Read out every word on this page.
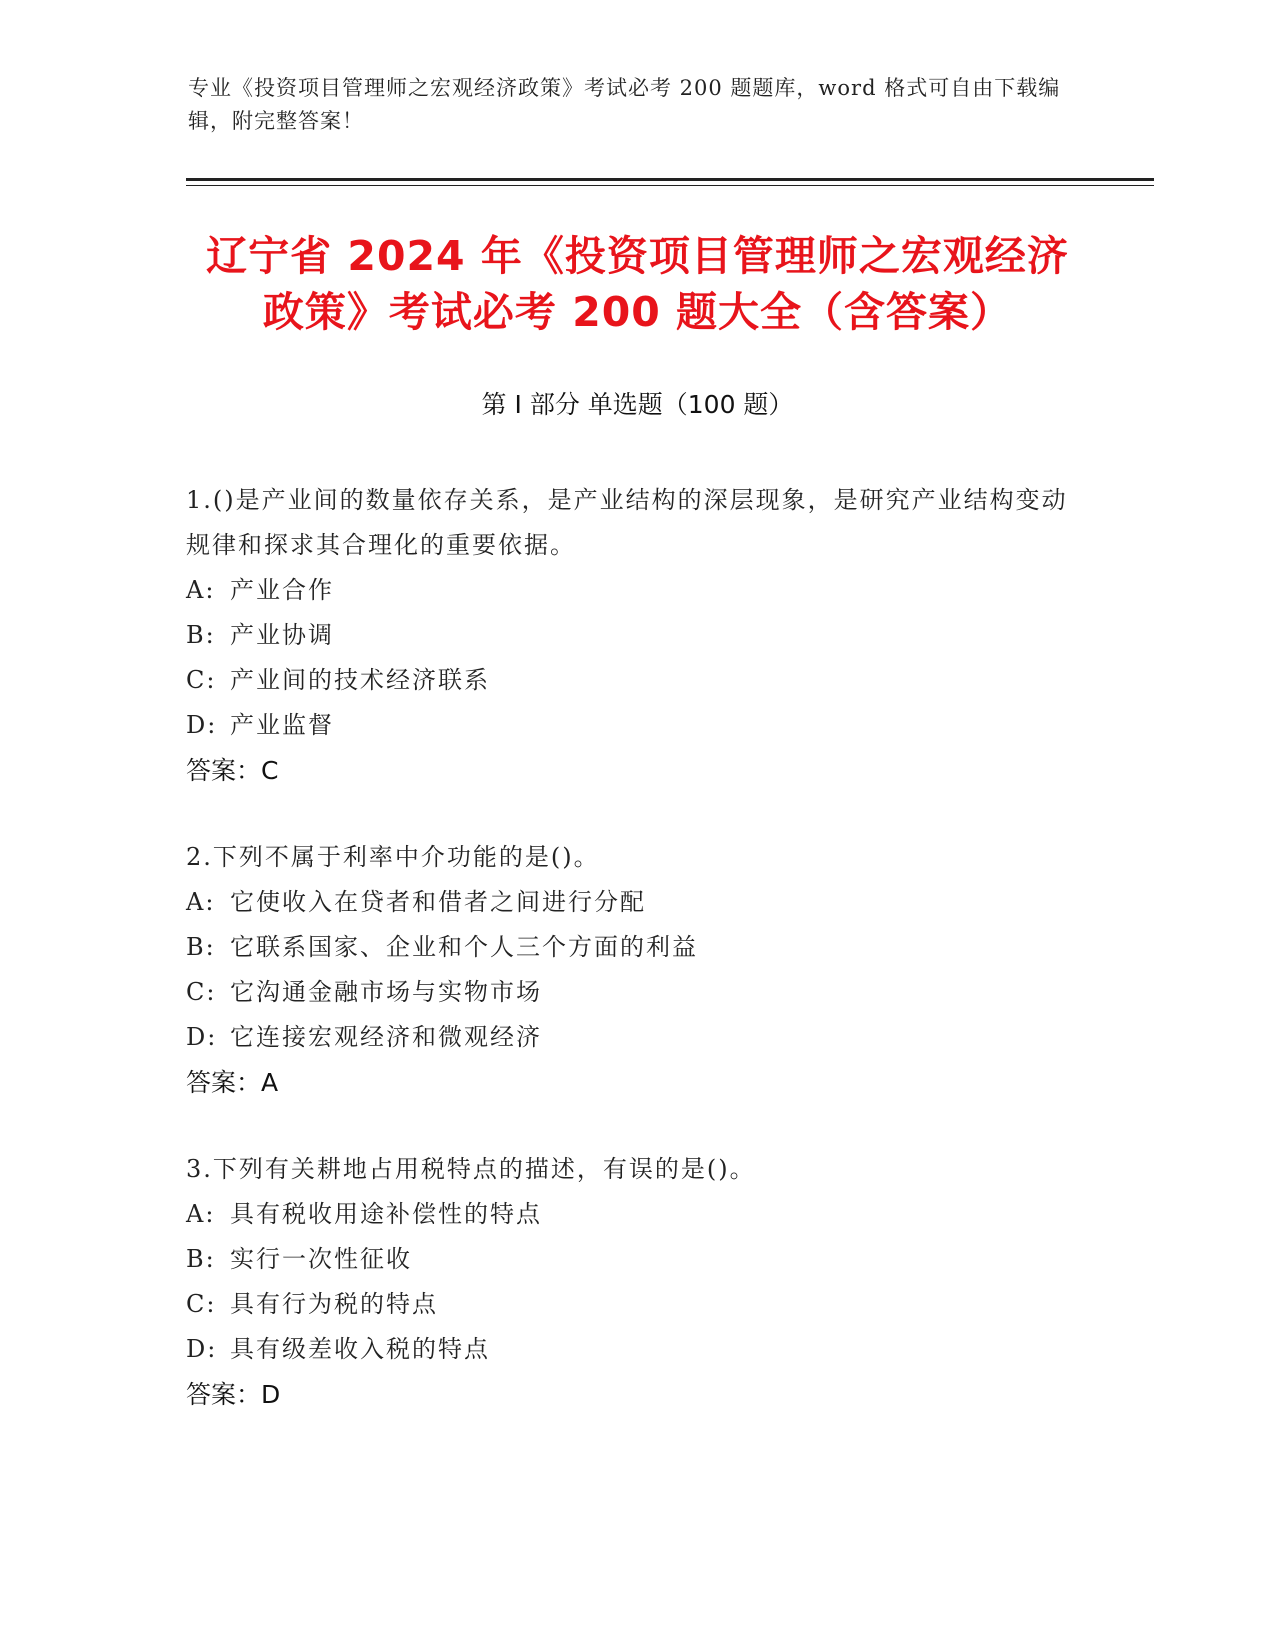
专业《投资项目管理师之宏观经济政策》考试必考 200 题题库，word 格式可自由下载编辑，附完整答案！
辽宁省 2024 年《投资项目管理师之宏观经济
政策》考试必考 200 题大全（含答案）
第 I 部分 单选题（100 题）
1.()是产业间的数量依存关系，是产业结构的深层现象，是研究产业结构变动规律和探求其合理化的重要依据。
A: 产业合作
B: 产业协调
C: 产业间的技术经济联系
D: 产业监督
答案：C
2.下列不属于利率中介功能的是()。
A: 它使收入在贷者和借者之间进行分配
B: 它联系国家、企业和个人三个方面的利益
C: 它沟通金融市场与实物市场
D: 它连接宏观经济和微观经济
答案：A
3.下列有关耕地占用税特点的描述，有误的是()。
A: 具有税收用途补偿性的特点
B: 实行一次性征收
C: 具有行为税的特点
D: 具有级差收入税的特点
答案：D
